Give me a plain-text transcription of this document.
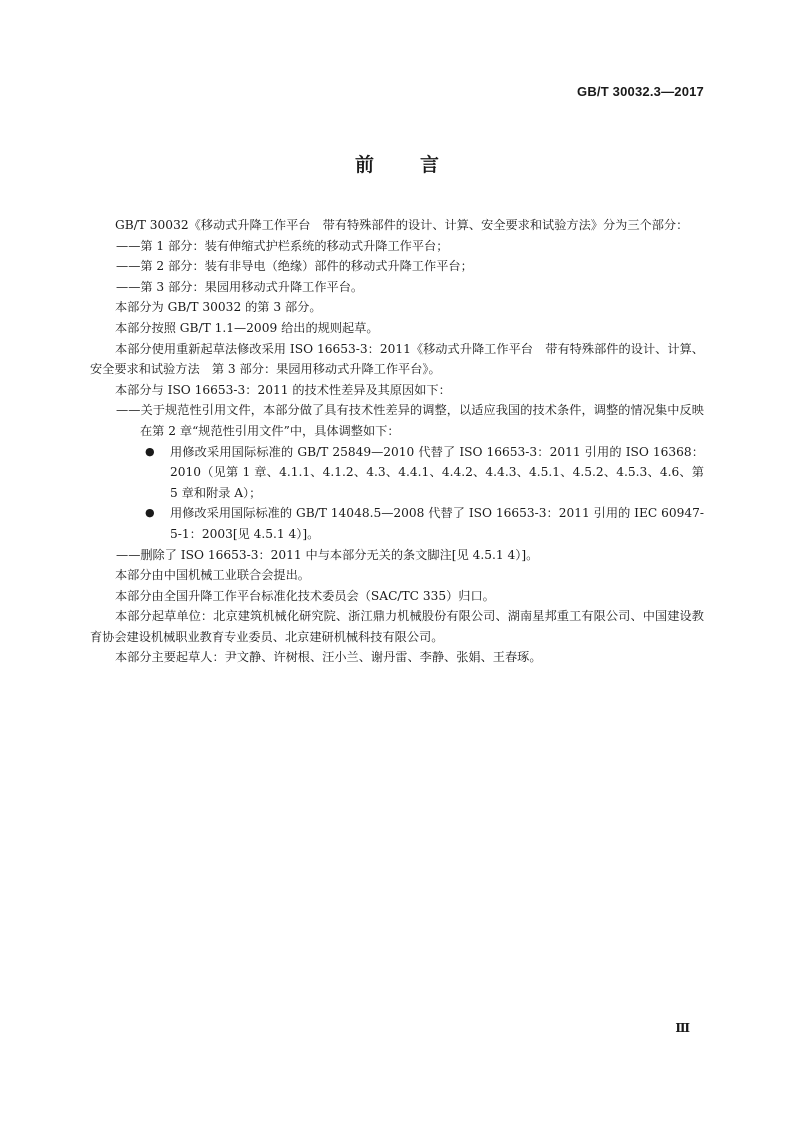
GB/T 30032.3—2017
前言

GB/T 30032《移动式升降工作平台　带有特殊部件的设计、计算、安全要求和试验方法》分为三个部分：

——第 1 部分：装有伸缩式护栏系统的移动式升降工作平台；

——第 2 部分：装有非导电（绝缘）部件的移动式升降工作平台；

——第 3 部分：果园用移动式升降工作平台。

本部分为 GB/T 30032 的第 3 部分。

本部分按照 GB/T 1.1—2009 给出的规则起草。

本部分使用重新起草法修改采用 ISO 16653-3：2011《移动式升降工作平台　带有特殊部件的设计、计算、安全要求和试验方法　第 3 部分：果园用移动式升降工作平台》。

本部分与 ISO 16653-3：2011 的技术性差异及其原因如下：

——关于规范性引用文件，本部分做了具有技术性差异的调整，以适应我国的技术条件，调整的情况集中反映在第 2 章“规范性引用文件”中，具体调整如下：

● 用修改采用国际标准的 GB/T 25849—2010 代替了 ISO 16653-3：2011 引用的 ISO 16368：2010（见第 1 章、4.1.1、4.1.2、4.3、4.4.1、4.4.2、4.4.3、4.5.1、4.5.2、4.5.3、4.6、第 5 章和附录 A）；

● 用修改采用国际标准的 GB/T 14048.5—2008 代替了 ISO 16653-3：2011 引用的 IEC 60947-5-1：2003[见 4.5.1 4）]。

——删除了 ISO 16653-3：2011 中与本部分无关的条文脚注[见 4.5.1 4）]。

本部分由中国机械工业联合会提出。

本部分由全国升降工作平台标准化技术委员会（SAC/TC 335）归口。

本部分起草单位：北京建筑机械化研究院、浙江鼎力机械股份有限公司、湖南星邦重工有限公司、中国建设教育协会建设机械职业教育专业委员、北京建研机械科技有限公司。

本部分主要起草人：尹文静、许树根、汪小兰、谢丹雷、李静、张娟、王春琢。

Ⅲ
